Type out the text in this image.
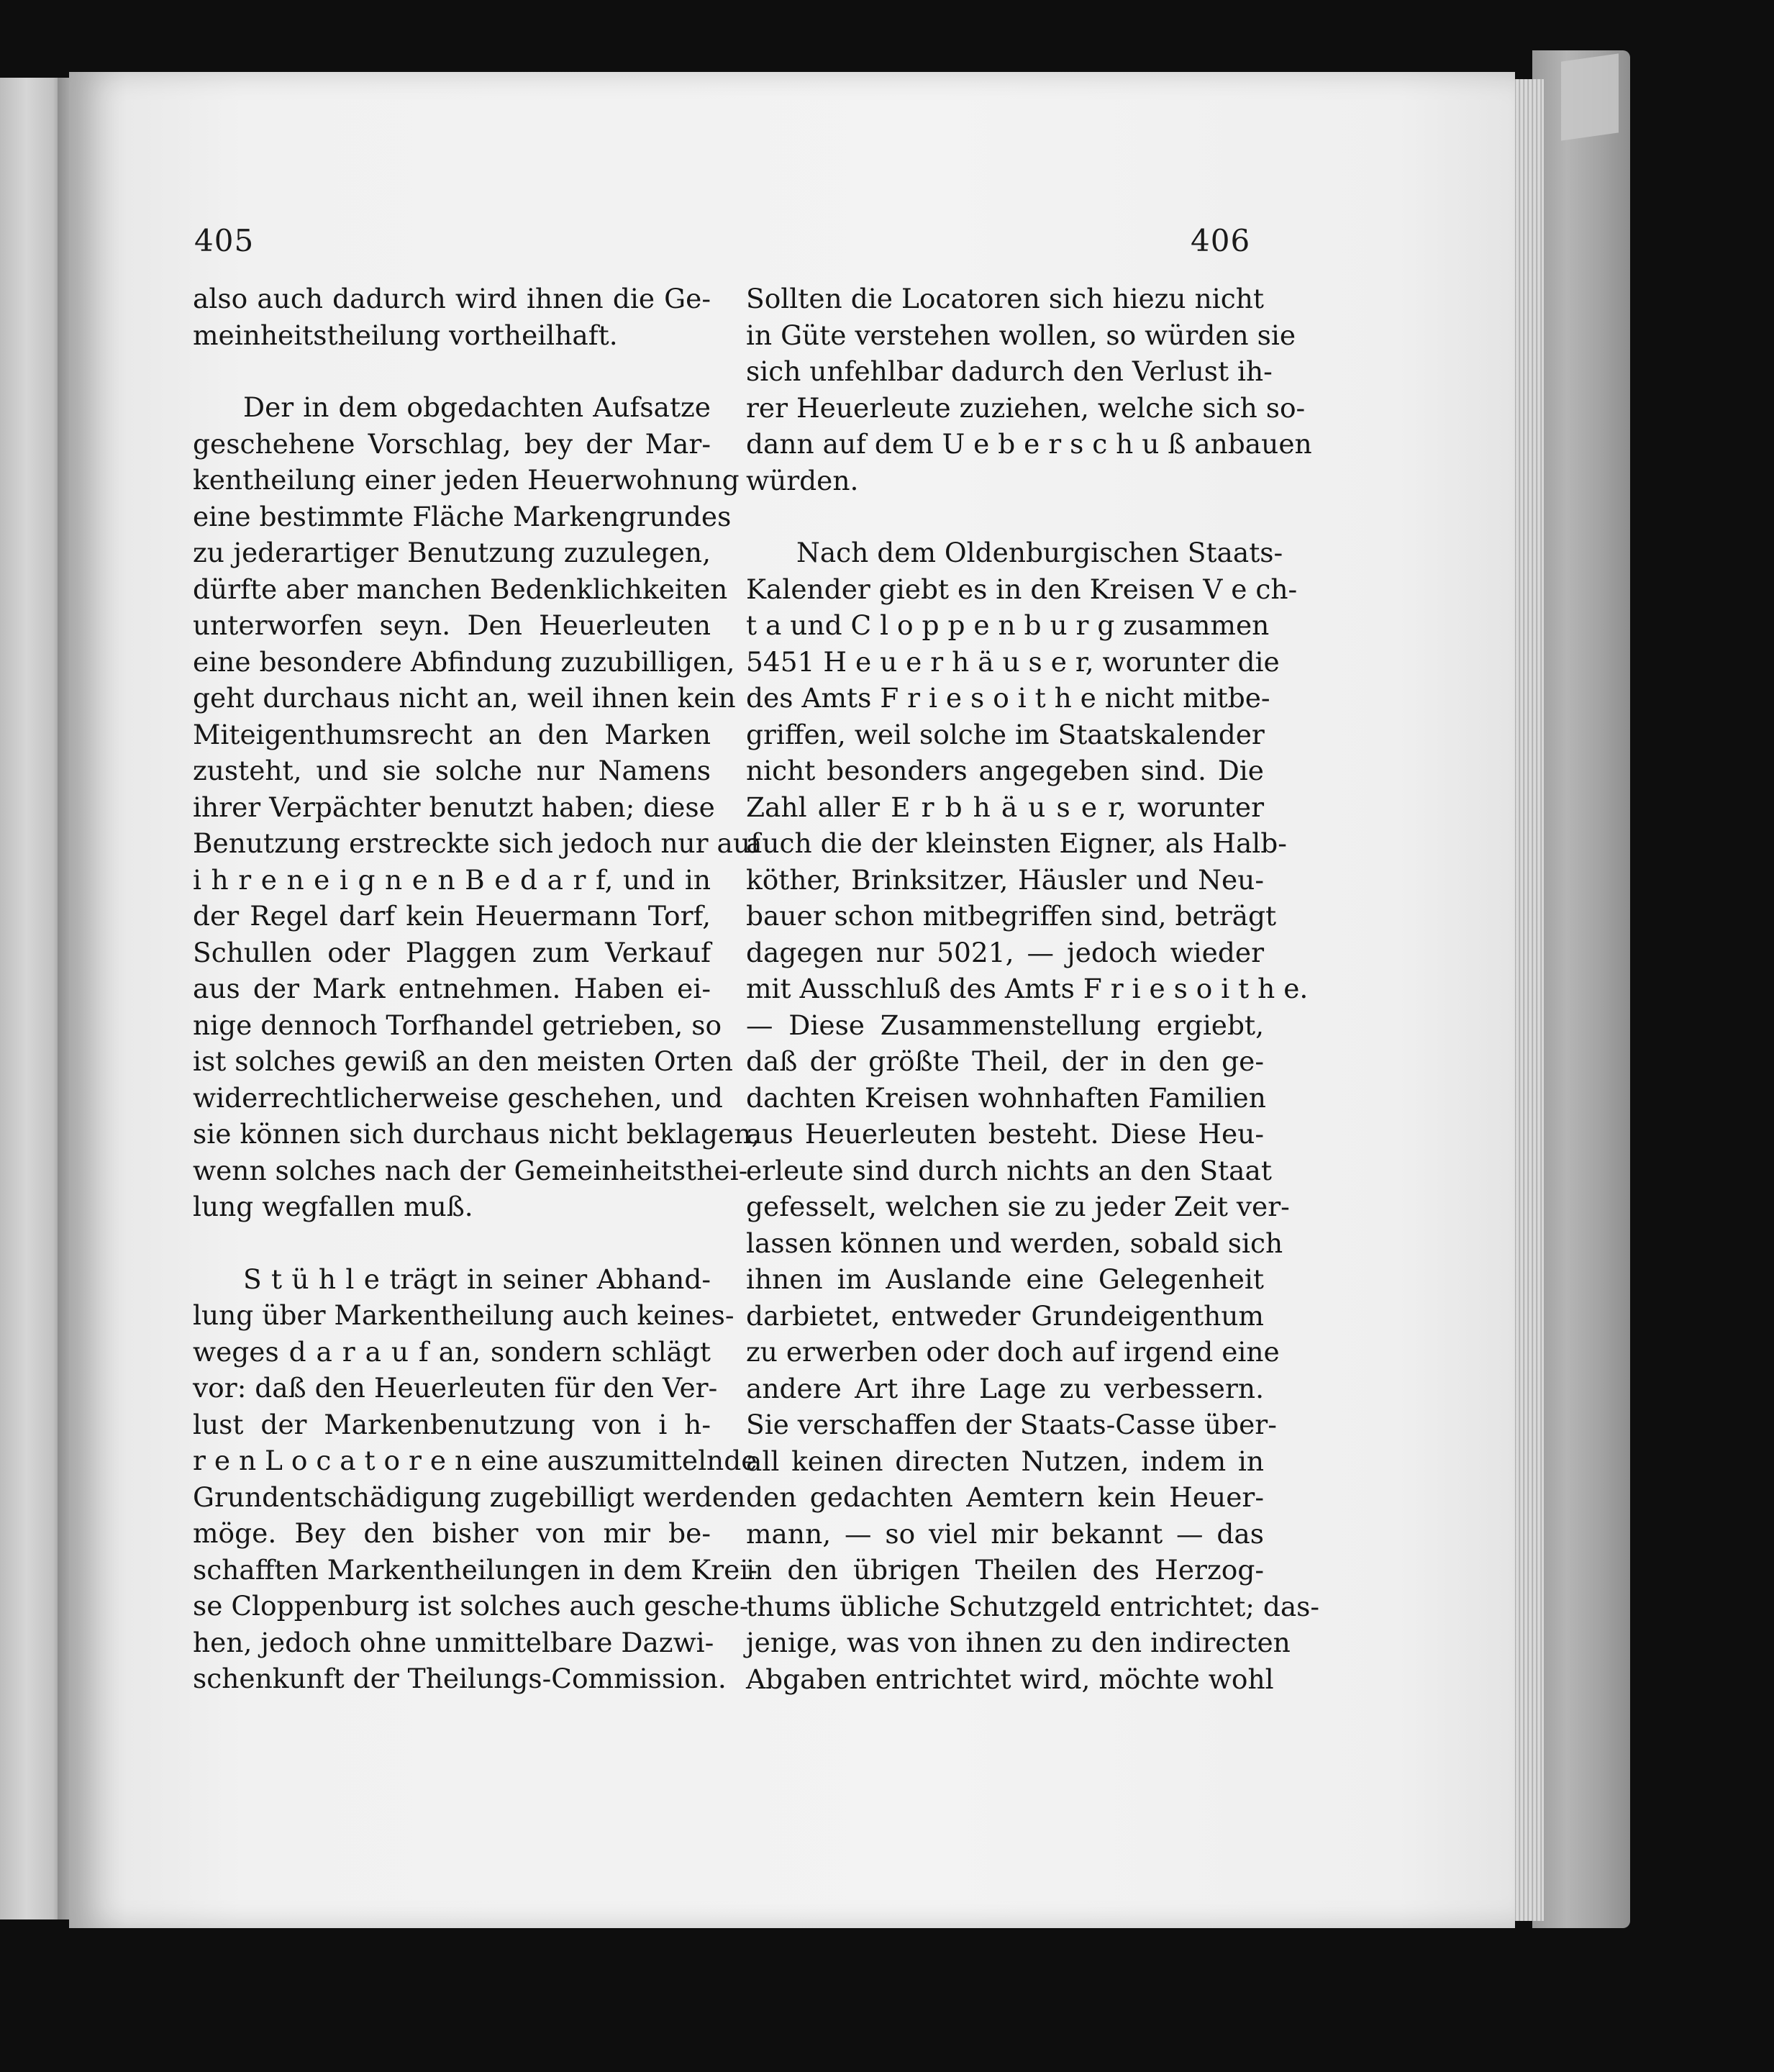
405	406
also auch dadurch wird ihnen die Ge-
meinheitstheilung vortheilhaft.
Der in dem obgedachten Aufsatze
geschehene Vorschlag, bey der Mar-
kentheilung einer jeden Heuerwohnung
eine bestimmte Fläche Markengrundes
zu jederartiger Benutzung zuzulegen,
dürfte aber manchen Bedenklichkeiten
unterworfen seyn. Den Heuerleuten
eine besondere Abfindung zuzubilligen,
geht durchaus nicht an, weil ihnen kein
Miteigenthumsrecht an den Marken
zusteht, und sie solche nur Namens
ihrer Verpächter benutzt haben; diese
Benutzung erstreckte sich jedoch nur auf
i h r e n e i g n e n B e d a r f, und in
der Regel darf kein Heuermann Torf,
Schullen oder Plaggen zum Verkauf
aus der Mark entnehmen. Haben ei-
nige dennoch Torfhandel getrieben, so
ist solches gewiß an den meisten Orten
widerrechtlicherweise geschehen, und
sie können sich durchaus nicht beklagen,
wenn solches nach der Gemeinheitsthei-
lung wegfallen muß.
S t ü h l e trägt in seiner Abhand-
lung über Markentheilung auch keines-
weges d a r a u f an, sondern schlägt
vor: daß den Heuerleuten für den Ver-
lust der Markenbenutzung von i h-
r e n L o c a t o r e n eine auszumittelnde
Grundentschädigung zugebilligt werden
möge. Bey den bisher von mir be-
schafften Markentheilungen in dem Krei-
se Cloppenburg ist solches auch gesche-
hen, jedoch ohne unmittelbare Dazwi-
schenkunft der Theilungs-Commission.
Sollten die Locatoren sich hiezu nicht
in Güte verstehen wollen, so würden sie
sich unfehlbar dadurch den Verlust ih-
rer Heuerleute zuziehen, welche sich so-
dann auf dem U e b e r s c h u ß anbauen
würden.
Nach dem Oldenburgischen Staats-
Kalender giebt es in den Kreisen V e ch-
t a und C l o p p e n b u r g zusammen
5451 H e u e r h ä u s e r, worunter die
des Amts F r i e s o i t h e nicht mitbe-
griffen, weil solche im Staatskalender
nicht besonders angegeben sind. Die
Zahl aller E r b h ä u s e r, worunter
auch die der kleinsten Eigner, als Halb-
köther, Brinksitzer, Häusler und Neu-
bauer schon mitbegriffen sind, beträgt
dagegen nur 5021, — jedoch wieder
mit Ausschluß des Amts F r i e s o i t h e.
— Diese Zusammenstellung ergiebt,
daß der größte Theil, der in den ge-
dachten Kreisen wohnhaften Familien
aus Heuerleuten besteht. Diese Heu-
erleute sind durch nichts an den Staat
gefesselt, welchen sie zu jeder Zeit ver-
lassen können und werden, sobald sich
ihnen im Auslande eine Gelegenheit
darbietet, entweder Grundeigenthum
zu erwerben oder doch auf irgend eine
andere Art ihre Lage zu verbessern.
Sie verschaffen der Staats-Casse über-
all keinen directen Nutzen, indem in
den gedachten Aemtern kein Heuer-
mann, — so viel mir bekannt — das
in den übrigen Theilen des Herzog-
thums übliche Schutzgeld entrichtet; das-
jenige, was von ihnen zu den indirecten
Abgaben entrichtet wird, möchte wohl
